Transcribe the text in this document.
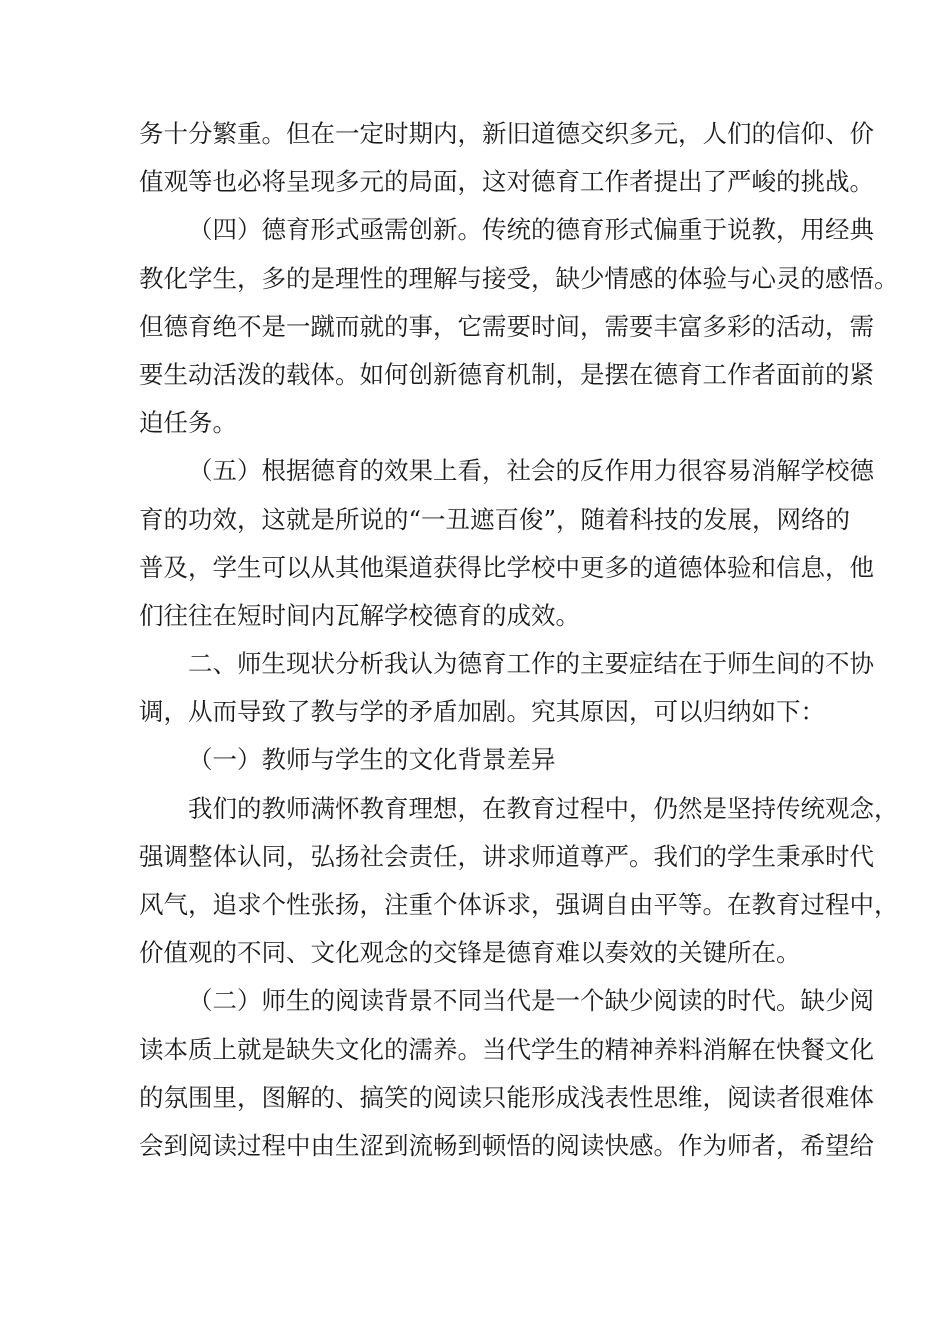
务十分繁重。但在一定时期内，新旧道德交织多元，人们的信仰、价
值观等也必将呈现多元的局面，这对德育工作者提出了严峻的挑战。
（四）德育形式亟需创新。传统的德育形式偏重于说教，用经典
教化学生，多的是理性的理解与接受，缺少情感的体验与心灵的感悟。
但德育绝不是一蹴而就的事，它需要时间，需要丰富多彩的活动，需
要生动活泼的载体。如何创新德育机制，是摆在德育工作者面前的紧
迫任务。
（五）根据德育的效果上看，社会的反作用力很容易消解学校德
育的功效，这就是所说的“一丑遮百俊”，随着科技的发展，网络的
普及，学生可以从其他渠道获得比学校中更多的道德体验和信息，他
们往往在短时间内瓦解学校德育的成效。
二、师生现状分析我认为德育工作的主要症结在于师生间的不协
调，从而导致了教与学的矛盾加剧。究其原因，可以归纳如下：
（一）教师与学生的文化背景差异
我们的教师满怀教育理想，在教育过程中，仍然是坚持传统观念，
强调整体认同，弘扬社会责任，讲求师道尊严。我们的学生秉承时代
风气，追求个性张扬，注重个体诉求，强调自由平等。在教育过程中，
价值观的不同、文化观念的交锋是德育难以奏效的关键所在。
（二）师生的阅读背景不同当代是一个缺少阅读的时代。缺少阅
读本质上就是缺失文化的濡养。当代学生的精神养料消解在快餐文化
的氛围里，图解的、搞笑的阅读只能形成浅表性思维，阅读者很难体
会到阅读过程中由生涩到流畅到顿悟的阅读快感。作为师者，希望给
